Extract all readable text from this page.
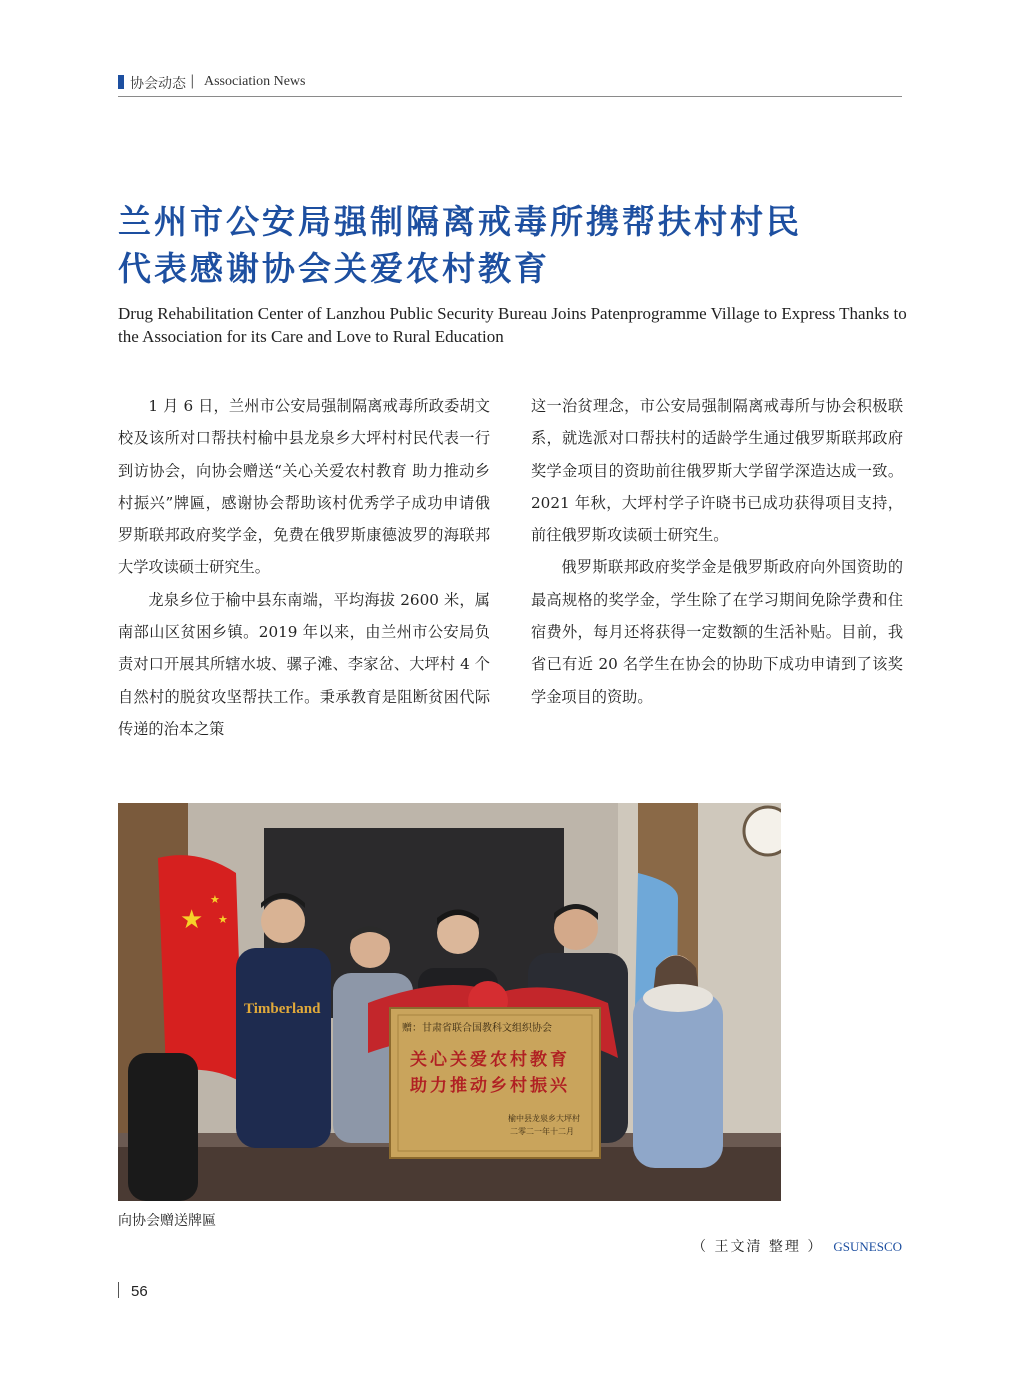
协会动态 | Association News
兰州市公安局强制隔离戒毒所携帮扶村村民
代表感谢协会关爱农村教育
Drug Rehabilitation Center of Lanzhou Public Security Bureau Joins Patenprogramme Village to Express Thanks to the Association for its Care and Love to Rural Education

1 月 6 日，兰州市公安局强制隔离戒毒所政委胡文校及该所对口帮扶村榆中县龙泉乡大坪村村民代表一行到访协会，向协会赠送“关心关爱农村教育 助力推动乡村振兴”牌匾，感谢协会帮助该村优秀学子成功申请俄罗斯联邦政府奖学金，免费在俄罗斯康德波罗的海联邦大学攻读硕士研究生。

龙泉乡位于榆中县东南端，平均海拔 2600 米，属南部山区贫困乡镇。2019 年以来，由兰州市公安局负责对口开展其所辖水坡、骡子滩、李家岔、大坪村 4 个自然村的脱贫攻坚帮扶工作。秉承教育是阻断贫困代际传递的治本之策

这一治贫理念，市公安局强制隔离戒毒所与协会积极联系，就选派对口帮扶村的适龄学生通过俄罗斯联邦政府奖学金项目的资助前往俄罗斯大学留学深造达成一致。2021 年秋，大坪村学子许晓书已成功获得项目支持，前往俄罗斯攻读硕士研究生。

俄罗斯联邦政府奖学金是俄罗斯政府向外国资助的最高规格的奖学金，学生除了在学习期间免除学费和住宿费外，每月还将获得一定数额的生活补贴。目前，我省已有近 20 名学生在协会的协助下成功申请到了该奖学金项目的资助。

★
★
★
Timberland
赠：甘肃省联合国教科文组织协会
关心关爱农村教育
助力推动乡村振兴
榆中县龙泉乡大坪村
二零二一年十二月
向协会赠送牌匾
（ 王文清 整理 ） GSUNESCO
56
